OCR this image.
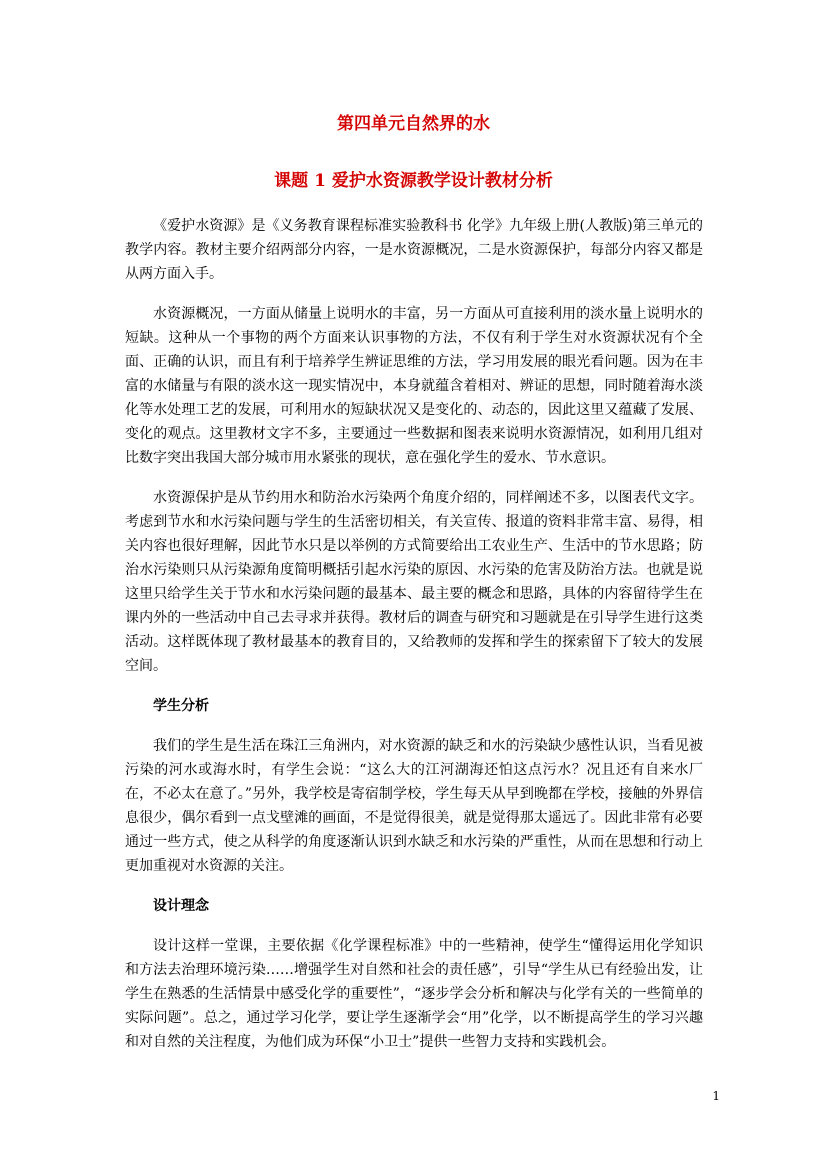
第四单元自然界的水
课题 1 爱护水资源教学设计教材分析

《爱护水资源》是《义务教育课程标准实验教科书 化学》九年级上册(人教版)第三单元的教学内容。教材主要介绍两部分内容，一是水资源概况，二是水资源保护，每部分内容又都是从两方面入手。

水资源概况，一方面从储量上说明水的丰富，另一方面从可直接利用的淡水量上说明水的短缺。这种从一个事物的两个方面来认识事物的方法，不仅有利于学生对水资源状况有个全面、正确的认识，而且有利于培养学生辨证思维的方法，学习用发展的眼光看问题。因为在丰富的水储量与有限的淡水这一现实情况中，本身就蕴含着相对、辨证的思想，同时随着海水淡化等水处理工艺的发展，可利用水的短缺状况又是变化的、动态的，因此这里又蕴藏了发展、变化的观点。这里教材文字不多，主要通过一些数据和图表来说明水资源情况，如利用几组对比数字突出我国大部分城市用水紧张的现状，意在强化学生的爱水、节水意识。

水资源保护是从节约用水和防治水污染两个角度介绍的，同样阐述不多，以图表代文字。考虑到节水和水污染问题与学生的生活密切相关，有关宣传、报道的资料非常丰富、易得，相关内容也很好理解，因此节水只是以举例的方式简要给出工农业生产、生活中的节水思路；防治水污染则只从污染源角度简明概括引起水污染的原因、水污染的危害及防治方法。也就是说这里只给学生关于节水和水污染问题的最基本、最主要的概念和思路，具体的内容留待学生在课内外的一些活动中自己去寻求并获得。教材后的调查与研究和习题就是在引导学生进行这类活动。这样既体现了教材最基本的教育目的，又给教师的发挥和学生的探索留下了较大的发展空间。

学生分析

我们的学生是生活在珠江三角洲内，对水资源的缺乏和水的污染缺少感性认识，当看见被污染的河水或海水时，有学生会说：“这么大的江河湖海还怕这点污水？况且还有自来水厂在，不必太在意了。”另外，我学校是寄宿制学校，学生每天从早到晚都在学校，接触的外界信息很少，偶尔看到一点戈壁滩的画面，不是觉得很美，就是觉得那太遥远了。因此非常有必要通过一些方式，使之从科学的角度逐渐认识到水缺乏和水污染的严重性，从而在思想和行动上更加重视对水资源的关注。

设计理念

设计这样一堂课，主要依据《化学课程标准》中的一些精神，使学生“懂得运用化学知识和方法去治理环境污染……增强学生对自然和社会的责任感”，引导“学生从已有经验出发，让学生在熟悉的生活情景中感受化学的重要性”，“逐步学会分析和解决与化学有关的一些简单的实际问题”。总之，通过学习化学，要让学生逐渐学会“用”化学，以不断提高学生的学习兴趣和对自然的关注程度，为他们成为环保“小卫士”提供一些智力支持和实践机会。

1
